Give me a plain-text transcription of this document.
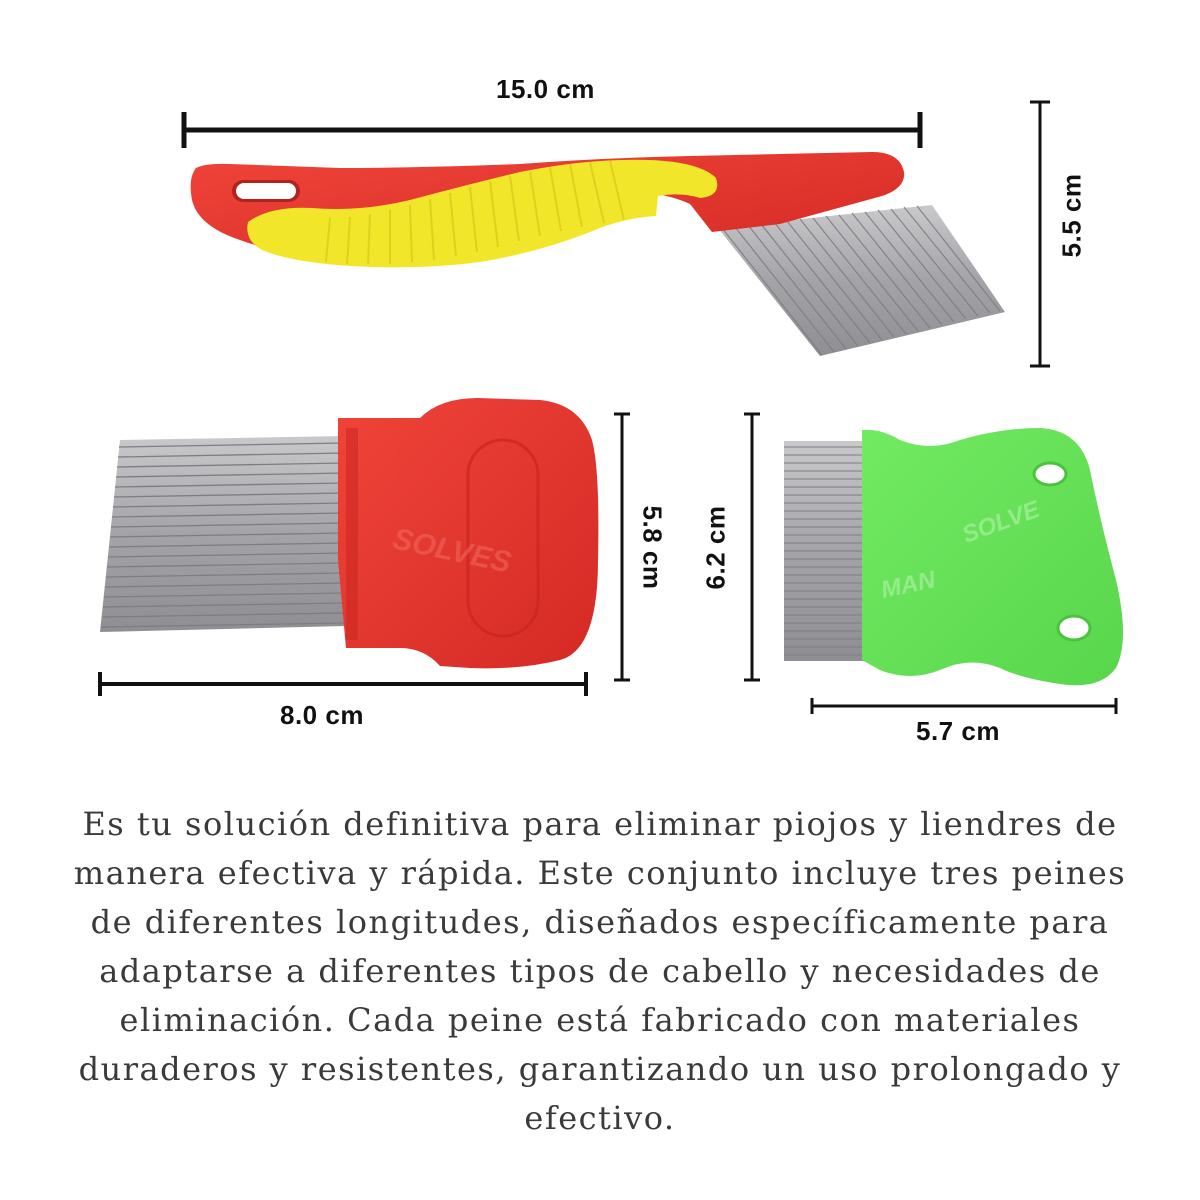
SOLVES
MAN
SOLVE
15.0 cm
5.5 cm
8.0 cm
5.8 cm 6.2 cm
5.7 cm

Es tu solución definitiva para eliminar piojos y liendres de manera efectiva y rápida. Este conjunto incluye tres peines de diferentes longitudes, diseñados específicamente para adaptarse a diferentes tipos de cabello y necesidades de eliminación. Cada peine está fabricado con materiales duraderos y resistentes, garantizando un uso prolongado y efectivo.
